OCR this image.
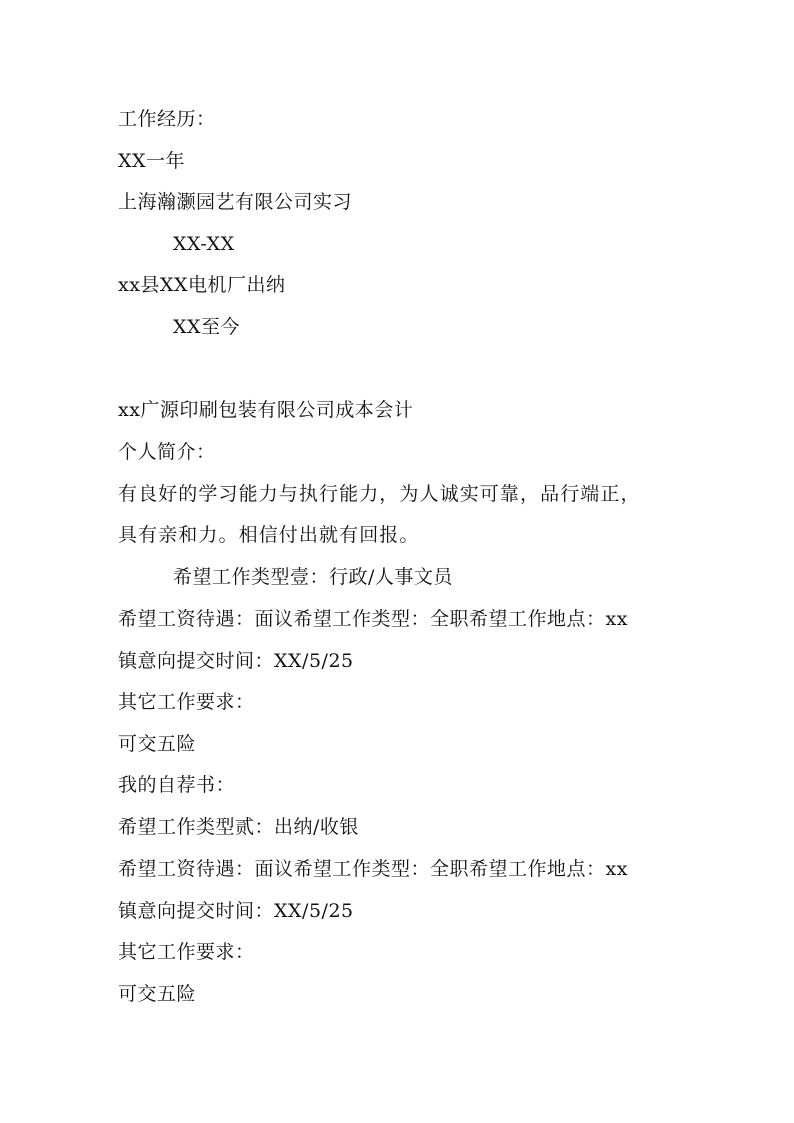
工作经历：
XX一年
上海瀚灏园艺有限公司实习
XX-XX
xx县XX电机厂出纳
XX至今
xx广源印刷包装有限公司成本会计
个人简介：
有良好的学习能力与执行能力，为人诚实可靠，品行端正，
具有亲和力。相信付出就有回报。
希望工作类型壹：行政/人事文员
希望工资待遇：面议希望工作类型：全职希望工作地点：xx
镇意向提交时间：XX/5/25
其它工作要求：
可交五险
我的自荐书：
希望工作类型贰：出纳/收银
希望工资待遇：面议希望工作类型：全职希望工作地点：xx
镇意向提交时间：XX/5/25
其它工作要求：
可交五险
